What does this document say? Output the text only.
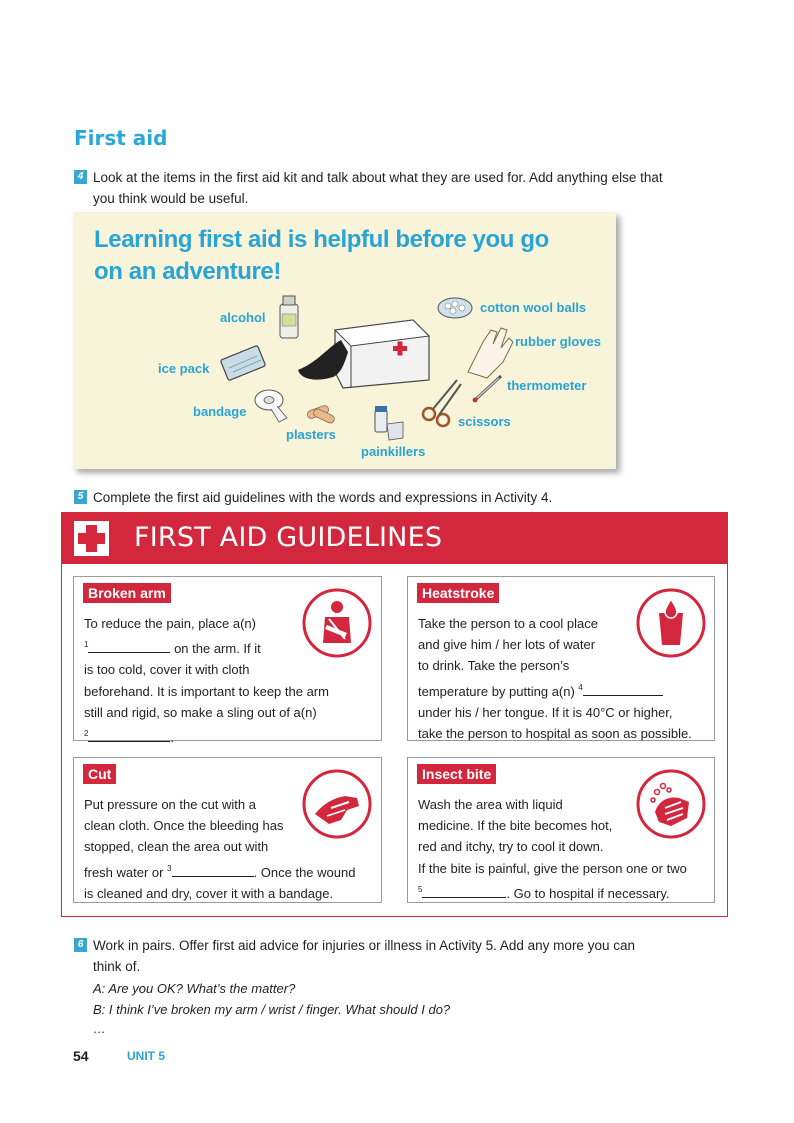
First aid
4 Look at the items in the first aid kit and talk about what they are used for. Add anything else that
you think would be useful.
Learning first aid is helpful before you go
on an adventure!
alcohol
cotton wool balls
rubber gloves
ice pack
thermometer
bandage
scissors
plasters
painkillers
5 Complete the first aid guidelines with the words and expressions in Activity 4.
FIRST AID GUIDELINES
Broken arm
To reduce the pain, place a(n)
$^1$	on the arm. If it
is too cold, cover it with cloth
beforehand. It is important to keep the arm
still and rigid, so make a sling out of a(n)
$^2$	.
Heatstroke
Take the person to a cool place
and give him / her lots of water
to drink. Take the person’s
temperature by putting a(n) $^4$
under his / her tongue. If it is 40°C or higher,
take the person to hospital as soon as possible.
Cut
Put pressure on the cut with a
clean cloth. Once the bleeding has
stopped, clean the area out with
fresh water or $^3$	. Once the wound
is cleaned and dry, cover it with a bandage.
Insect bite
Wash the area with liquid
medicine. If the bite becomes hot,
red and itchy, try to cool it down.
If the bite is painful, give the person one or two
$^5$	. Go to hospital if necessary.
6 Work in pairs. Offer first aid advice for injuries or illness in Activity 5. Add any more you can
think of.
A: Are you OK? What’s the matter?
B: I think I’ve broken my arm / wrist / finger. What should I do?
…
54	UNIT 5
